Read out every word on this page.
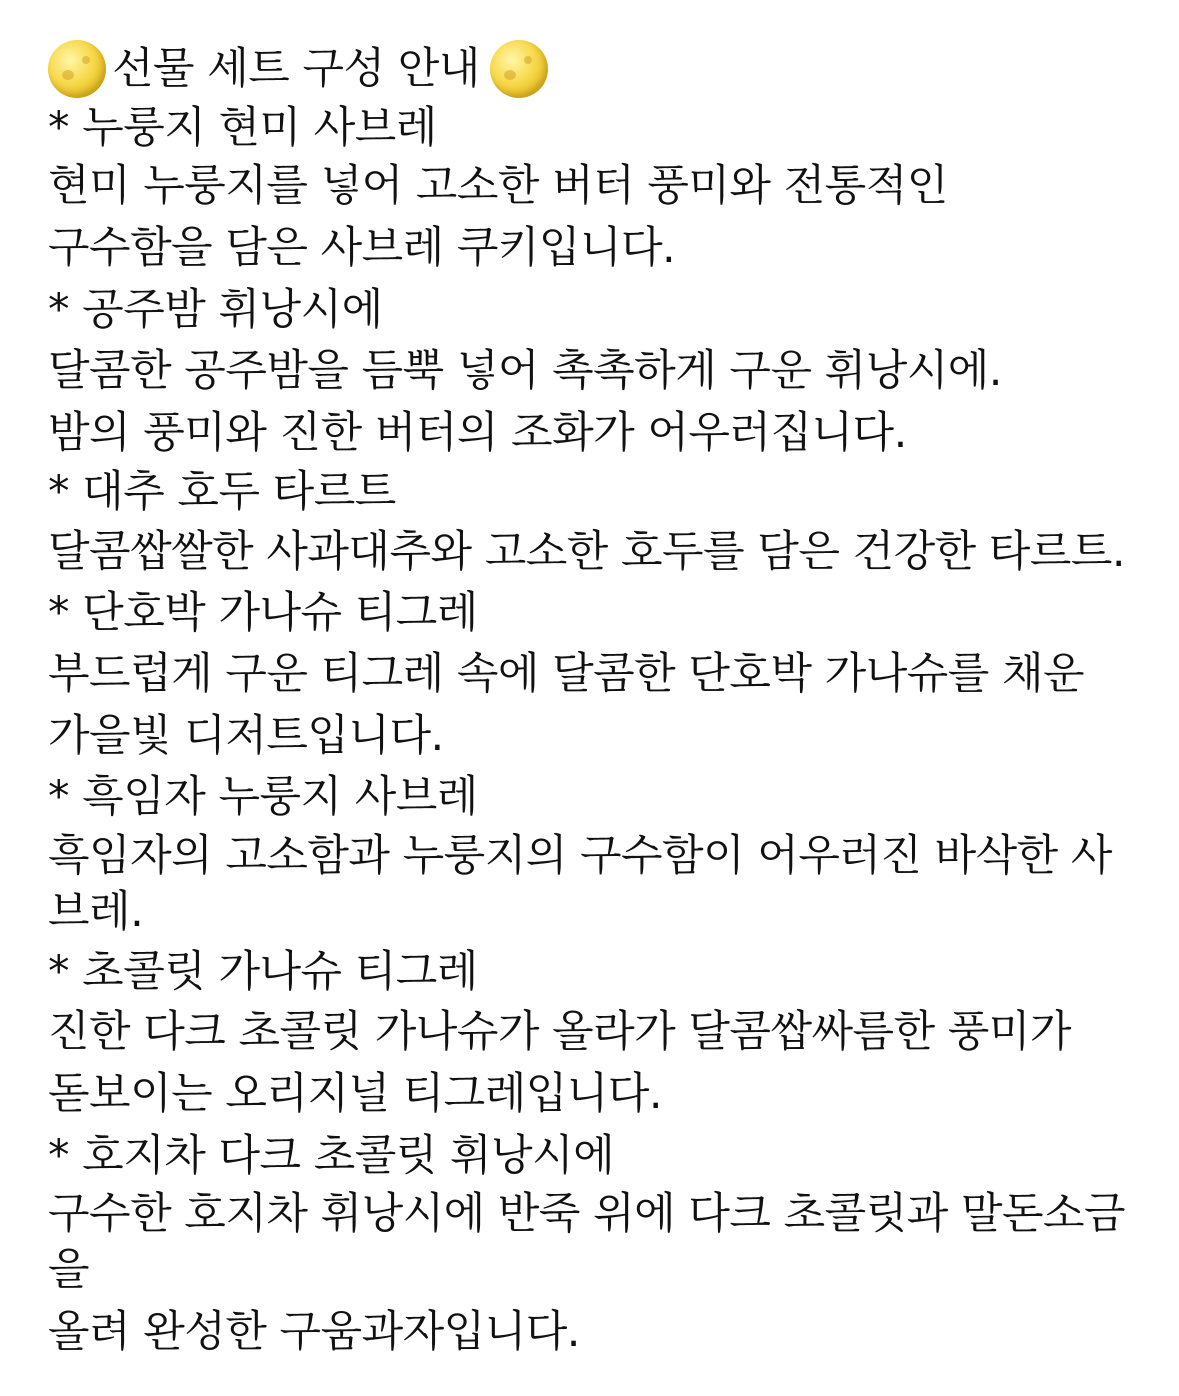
선물 세트 구성 안내
* 누룽지 현미 사브레
현미 누룽지를 넣어 고소한 버터 풍미와 전통적인
구수함을 담은 사브레 쿠키입니다.
* 공주밤 휘낭시에
달콤한 공주밤을 듬뿍 넣어 촉촉하게 구운 휘낭시에.
밤의 풍미와 진한 버터의 조화가 어우러집니다.
* 대추 호두 타르트
달콤쌉쌀한 사과대추와 고소한 호두를 담은 건강한 타르트.
* 단호박 가나슈 티그레
부드럽게 구운 티그레 속에 달콤한 단호박 가나슈를 채운
가을빛 디저트입니다.
* 흑임자 누룽지 사브레
흑임자의 고소함과 누룽지의 구수함이 어우러진 바삭한 사
브레.
* 초콜릿 가나슈 티그레
진한 다크 초콜릿 가나슈가 올라가 달콤쌉싸름한 풍미가
돋보이는 오리지널 티그레입니다.
* 호지차 다크 초콜릿 휘낭시에
구수한 호지차 휘낭시에 반죽 위에 다크 초콜릿과 말돈소금
을
올려 완성한 구움과자입니다.
